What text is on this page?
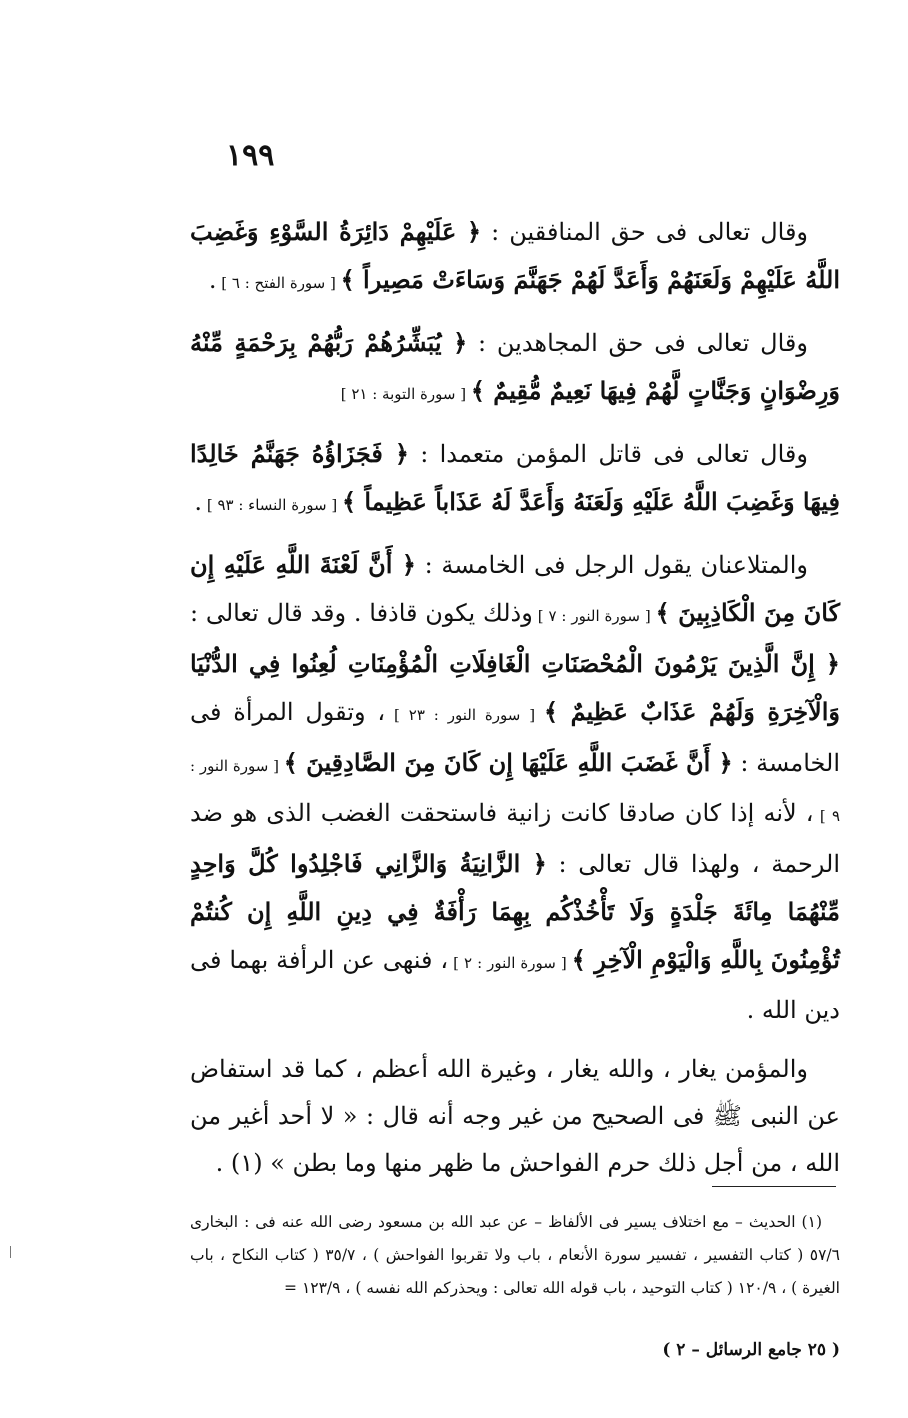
١٩٩

وقال تعالى فى حق المنافقين : ﴿ عَلَيْهِمْ دَائِرَةُ السَّوْءِ وَغَضِبَ اللَّهُ عَلَيْهِمْ وَلَعَنَهُمْ وَأَعَدَّ لَهُمْ جَهَنَّمَ وَسَاءَتْ مَصِيراً ﴾ [ سورة الفتح : ٦ ] .

وقال تعالى فى حق المجاهدين : ﴿ يُبَشِّرُهُمْ رَبُّهُمْ بِرَحْمَةٍ مِّنْهُ وَرِضْوَانٍ وَجَنَّاتٍ لَّهُمْ فِيهَا نَعِيمٌ مُّقِيمٌ ﴾ [ سورة التوبة : ٢١ ]

وقال تعالى فى قاتل المؤمن متعمدا : ﴿ فَجَزَاؤُهُ جَهَنَّمُ خَالِدًا فِيهَا وَغَضِبَ اللَّهُ عَلَيْهِ وَلَعَنَهُ وَأَعَدَّ لَهُ عَذَاباً عَظِيماً ﴾ [ سورة النساء : ٩٣ ] .

والمتلاعنان يقول الرجل فى الخامسة : ﴿ أَنَّ لَعْنَةَ اللَّهِ عَلَيْهِ إِن كَانَ مِنَ الْكَاذِبِينَ ﴾ [ سورة النور : ٧ ] وذلك يكون قاذفا . وقد قال تعالى : ﴿ إِنَّ الَّذِينَ يَرْمُونَ الْمُحْصَنَاتِ الْغَافِلَاتِ الْمُؤْمِنَاتِ لُعِنُوا فِي الدُّنْيَا وَالْآخِرَةِ وَلَهُمْ عَذَابٌ عَظِيمٌ ﴾ [ سورة النور : ٢٣ ] ، وتقول المرأة فى الخامسة : ﴿ أَنَّ غَضَبَ اللَّهِ عَلَيْهَا إِن كَانَ مِنَ الصَّادِقِينَ ﴾ [ سورة النور : ٩ ] ، لأنه إذا كان صادقا كانت زانية فاستحقت الغضب الذى هو ضد الرحمة ، ولهذا قال تعالى : ﴿ الزَّانِيَةُ وَالزَّانِي فَاجْلِدُوا كُلَّ وَاحِدٍ مِّنْهُمَا مِائَةَ جَلْدَةٍ وَلَا تَأْخُذْكُم بِهِمَا رَأْفَةٌ فِي دِينِ اللَّهِ إِن كُنتُمْ تُؤْمِنُونَ بِاللَّهِ وَالْيَوْمِ الْآخِرِ ﴾ [ سورة النور : ٢ ] ، فنهى عن الرأفة بهما فى دين الله .

والمؤمن يغار ، والله يغار ، وغيرة الله أعظم ، كما قد استفاض عن النبى ﷺ فى الصحيح من غير وجه أنه قال : « لا أحد أغير من الله ، من أجل ذلك حرم الفواحش ما ظهر منها وما بطن » (١) .

(١) الحديث – مع اختلاف يسير فى الألفاظ – عن عبد الله بن مسعود رضى الله عنه فى : البخارى ٥٧/٦ ( كتاب التفسير ، تفسير سورة الأنعام ، باب ولا تقربوا الفواحش ) ، ٣٥/٧ ( كتاب النكاح ، باب الغيرة ) ، ١٢٠/٩ ( كتاب التوحيد ، باب قوله الله تعالى : ويحذركم الله نفسه ) ، ١٢٣/٩ =
( ٢٥ جامع الرسائل – ٢ )
